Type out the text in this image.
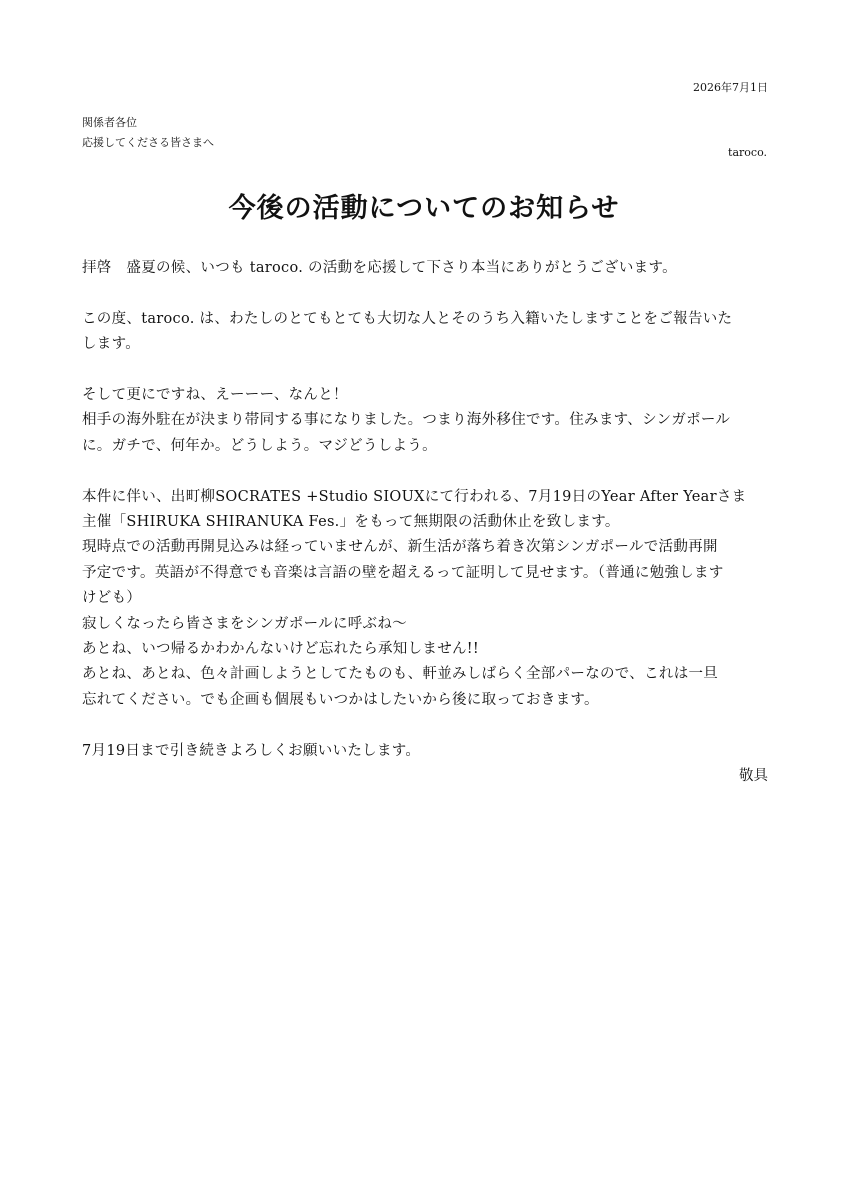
2026年7月1日
関係者各位
応援してくださる皆さまへ
taroco.
今後の活動についてのお知らせ

拝啓　盛夏の候、いつも taroco. の活動を応援して下さり本当にありがとうございます。

この度、taroco. は、わたしのとてもとても大切な人とそのうち入籍いたしますことをご報告いた

します。

そして更にですね、えーーー、なんと！

相手の海外駐在が決まり帯同する事になりました。つまり海外移住です。住みます、シンガポール

に。ガチで、何年か。どうしよう。マジどうしよう。

本件に伴い、出町柳SOCRATES +Studio SIOUXにて行われる、7月19日のYear After Yearさま

主催「SHIRUKA SHIRANUKA Fes.」をもって無期限の活動休止を致します。

現時点での活動再開見込みは経っていませんが、新生活が落ち着き次第シンガポールで活動再開

予定です。英語が不得意でも音楽は言語の壁を超えるって証明して見せます。（普通に勉強します

けども）

寂しくなったら皆さまをシンガポールに呼ぶね〜

あとね、いつ帰るかわかんないけど忘れたら承知しません!!

あとね、あとね、色々計画しようとしてたものも、軒並みしばらく全部パーなので、これは一旦

忘れてください。でも企画も個展もいつかはしたいから後に取っておきます。

7月19日まで引き続きよろしくお願いいたします。

敬具
